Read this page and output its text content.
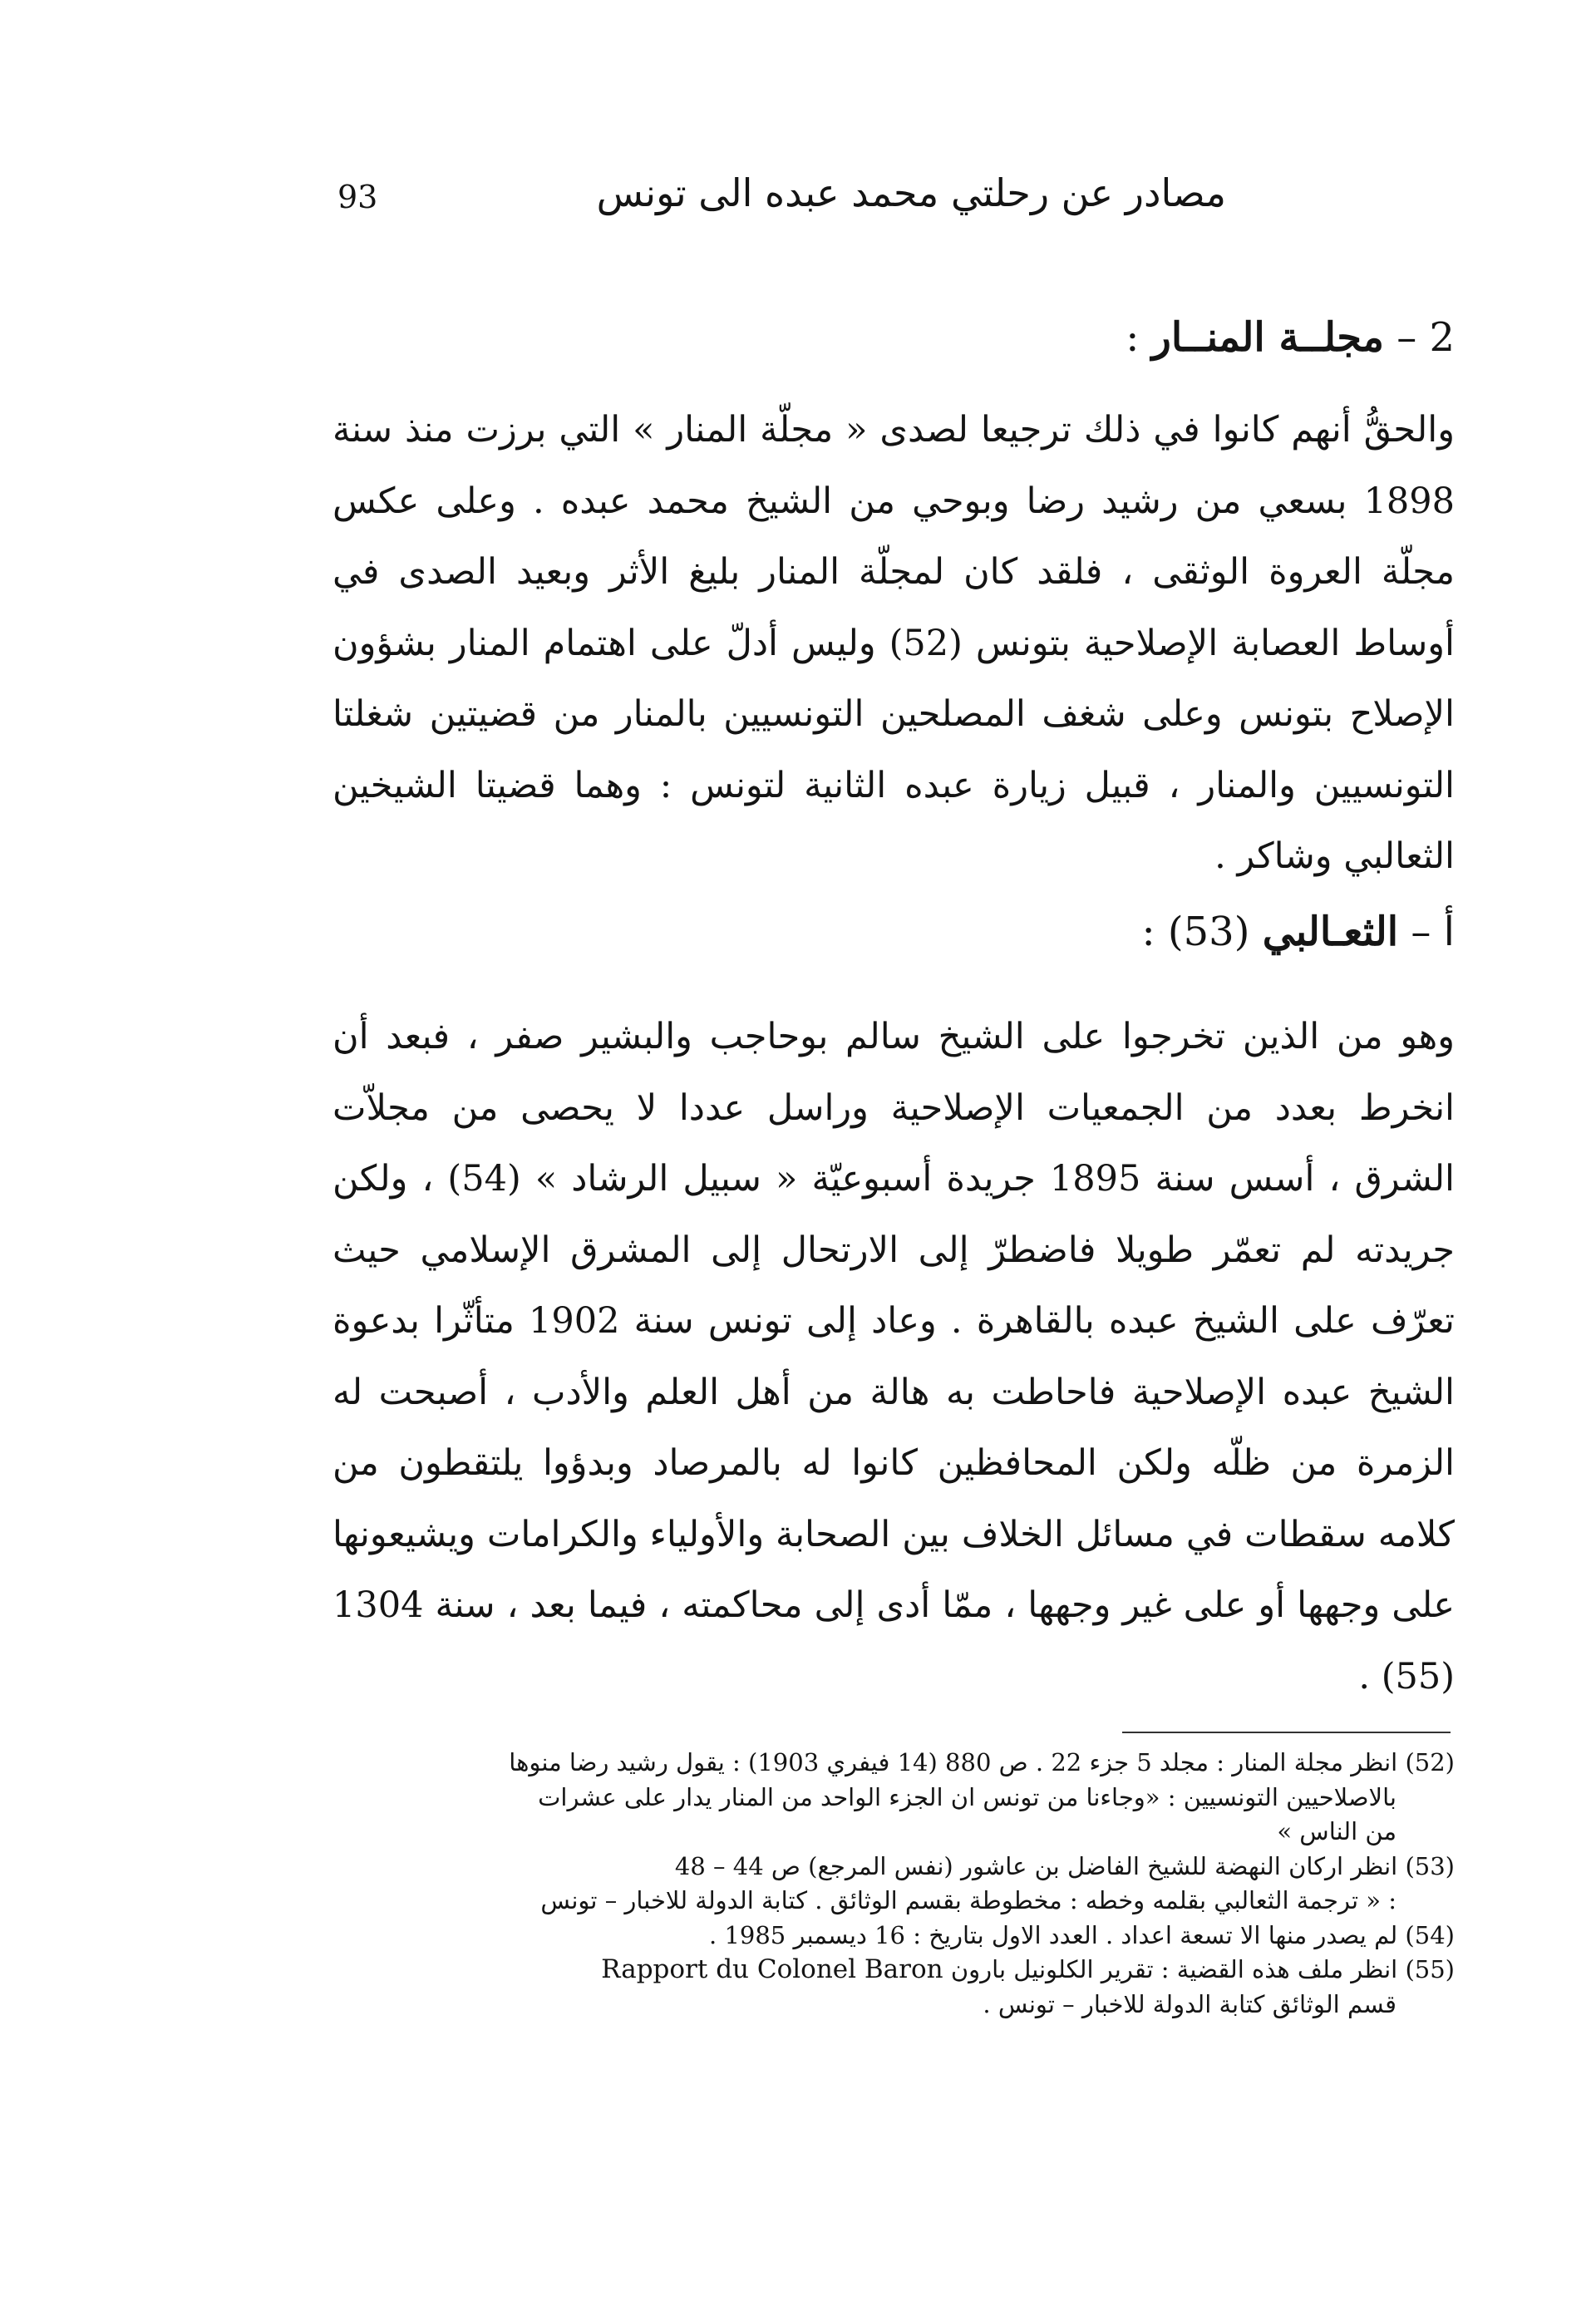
93	مصادر عن رحلتي محمد عبده الى تونس
2 – مجلــة المنــار :

والحقُّ أنهم كانوا في ذلك ترجيعا لصدى « مجلّة المنار » التي برزت منذ سنة 1898 بسعي من رشيد رضا وبوحي من الشيخ محمد عبده . وعلى عكس مجلّة العروة الوثقى ، فلقد كان لمجلّة المنار بليغ الأثر وبعيد الصدى في أوساط العصابة الإصلاحية بتونس (52) وليس أدلّ على اهتمام المنار بشؤون الإصلاح بتونس وعلى شغف المصلحين التونسيين بالمنار من قضيتين شغلتا التونسيين والمنار ، قبيل زيارة عبده الثانية لتونس : وهما قضيتا الشيخين الثعالبي وشاكر .

أ – الثعـالبي (53) :

وهو من الذين تخرجوا على الشيخ سالم بوحاجب والبشير صفر ، فبعد أن انخرط بعدد من الجمعيات الإصلاحية وراسل عددا لا يحصى من مجلاّت الشرق ، أسس سنة 1895 جريدة أسبوعيّة « سبيل الرشاد » (54) ، ولكن جريدته لم تعمّر طويلا فاضطرّ إلى الارتحال إلى المشرق الإسلامي حيث تعرّف على الشيخ عبده بالقاهرة . وعاد إلى تونس سنة 1902 متأثّرا بدعوة الشيخ عبده الإصلاحية فاحاطت به هالة من أهل العلم والأدب ، أصبحت له الزمرة من ظلّه ولكن المحافظين كانوا له بالمرصاد وبدؤوا يلتقطون من كلامه سقطات في مسائل الخلاف بين الصحابة والأولياء والكرامات ويشيعونها على وجهها أو على غير وجهها ، ممّا أدى إلى محاكمته ، فيما بعد ، سنة 1304 (55) .

(52) انظر مجلة المنار : مجلد 5 جزء 22 . ص 880 (14 فيفري 1903) : يقول رشيد رضا منوها
بالاصلاحيين التونسيين : «وجاءنا من تونس ان الجزء الواحد من المنار يدار على عشرات
من الناس »
(53) انظر اركان النهضة للشيخ الفاضل بن عاشور (نفس المرجع) ص 44 – 48
: « ترجمة الثعالبي بقلمه وخطه : مخطوطة بقسم الوثائق . كتابة الدولة للاخبار – تونس
(54) لم يصدر منها الا تسعة اعداد . العدد الاول بتاريخ : 16 ديسمبر 1985 .
(55) انظر ملف هذه القضية : تقرير الكلونيل بارون Rapport du Colonel Baron
قسم الوثائق كتابة الدولة للاخبار – تونس .
